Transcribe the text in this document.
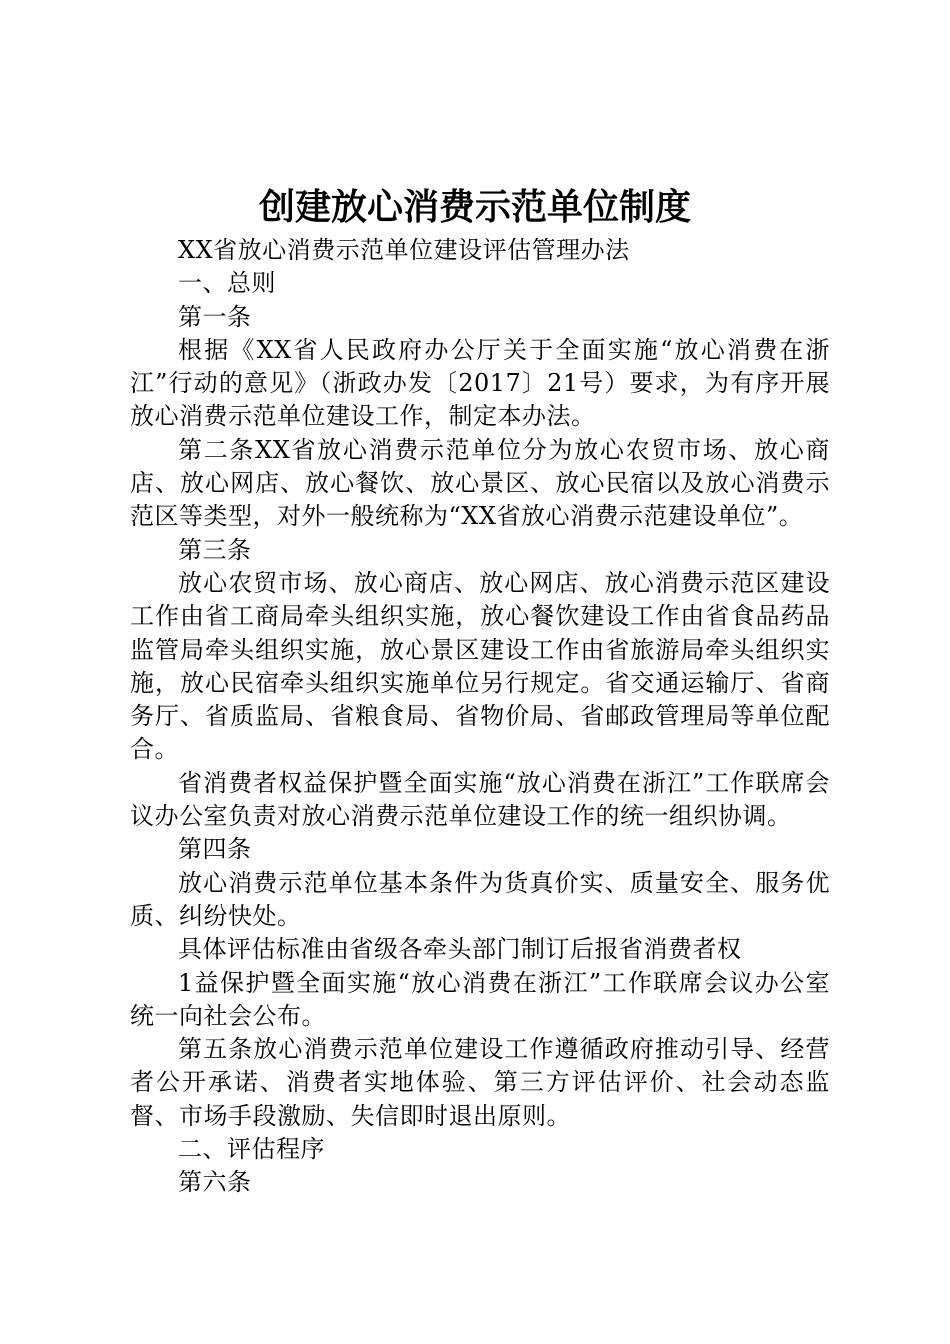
创建放心消费示范单位制度

XX省放心消费示范单位建设评估管理办法

一、总则

第一条

根据《XX省人民政府办公厅关于全面实施“放心消费在浙江”行动的意见》（浙政办发〔2017〕21号）要求，为有序开展放心消费示范单位建设工作，制定本办法。

第二条XX省放心消费示范单位分为放心农贸市场、放心商店、放心网店、放心餐饮、放心景区、放心民宿以及放心消费示范区等类型，对外一般统称为“XX省放心消费示范建设单位”。

第三条

放心农贸市场、放心商店、放心网店、放心消费示范区建设工作由省工商局牵头组织实施，放心餐饮建设工作由省食品药品监管局牵头组织实施，放心景区建设工作由省旅游局牵头组织实施，放心民宿牵头组织实施单位另行规定。省交通运输厅、省商务厅、省质监局、省粮食局、省物价局、省邮政管理局等单位配合。

省消费者权益保护暨全面实施“放心消费在浙江”工作联席会议办公室负责对放心消费示范单位建设工作的统一组织协调。

第四条

放心消费示范单位基本条件为货真价实、质量安全、服务优质、纠纷快处。

具体评估标准由省级各牵头部门制订后报省消费者权

1益保护暨全面实施“放心消费在浙江”工作联席会议办公室统一向社会公布。

第五条放心消费示范单位建设工作遵循政府推动引导、经营者公开承诺、消费者实地体验、第三方评估评价、社会动态监督、市场手段激励、失信即时退出原则。

二、评估程序

第六条
